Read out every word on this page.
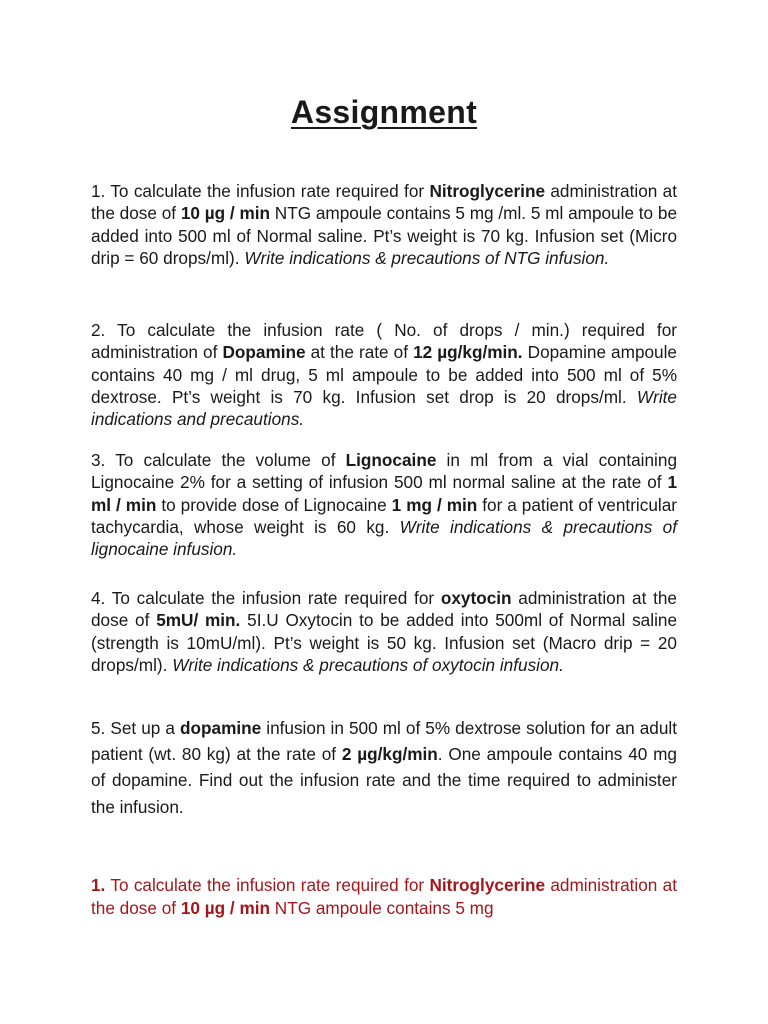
Assignment
1. To calculate the infusion rate required for Nitroglycerine administration at the dose of 10 µg / min NTG ampoule contains 5 mg /ml. 5 ml ampoule to be added into 500 ml of Normal saline. Pt’s weight is 70 kg. Infusion set (Micro drip = 60 drops/ml). Write indications & precautions of NTG infusion.
2. To calculate the infusion rate ( No. of drops / min.) required for administration of Dopamine at the rate of 12 µg/kg/min. Dopamine ampoule contains 40 mg / ml drug, 5 ml ampoule to be added into 500 ml of 5% dextrose. Pt’s weight is 70 kg. Infusion set drop is 20 drops/ml. Write indications and precautions.
3. To calculate the volume of Lignocaine in ml from a vial containing Lignocaine 2% for a setting of infusion 500 ml normal saline at the rate of 1 ml / min to provide dose of Lignocaine 1 mg / min for a patient of ventricular tachycardia, whose weight is 60 kg. Write indications & precautions of lignocaine infusion.
4. To calculate the infusion rate required for oxytocin administration at the dose of 5mU/ min. 5I.U Oxytocin to be added into 500ml of Normal saline (strength is 10mU/ml). Pt’s weight is 50 kg. Infusion set (Macro drip = 20 drops/ml). Write indications & precautions of oxytocin infusion.
5. Set up a dopamine infusion in 500 ml of 5% dextrose solution for an adult patient (wt. 80 kg) at the rate of 2 µg/kg/min. One ampoule contains 40 mg of dopamine. Find out the infusion rate and the time required to administer the infusion.
1. To calculate the infusion rate required for Nitroglycerine administration at the dose of 10 µg / min NTG ampoule contains 5 mg
